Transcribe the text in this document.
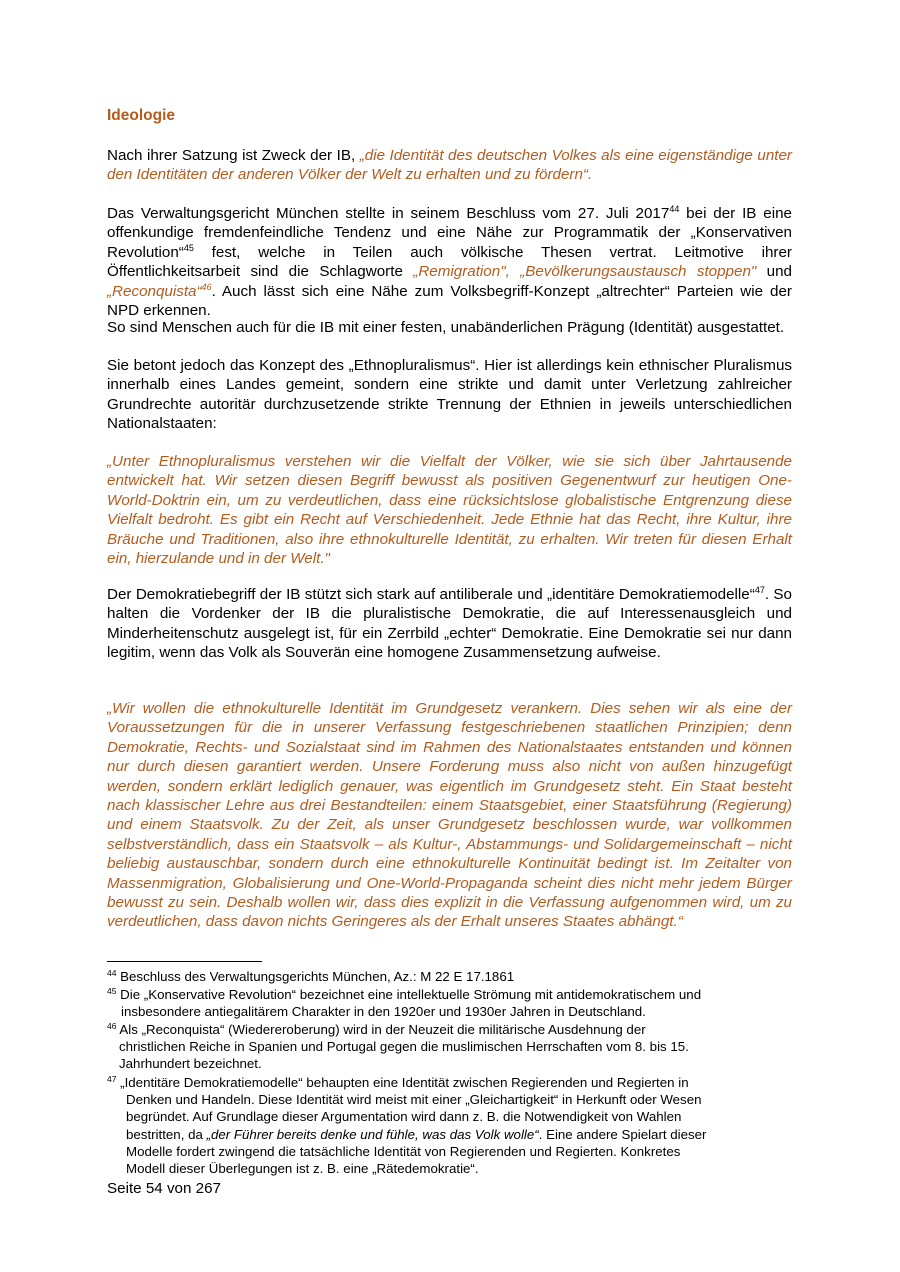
Ideologie

Nach ihrer Satzung ist Zweck der IB, „die Identität des deutschen Volkes als eine eigenständige unter den Identitäten der anderen Völker der Welt zu erhalten und zu fördern“.

Das Verwaltungsgericht München stellte in seinem Beschluss vom 27. Juli 2017$^{44}$ bei der IB eine offenkundige fremdenfeindliche Tendenz und eine Nähe zur Programmatik der „Konservativen Revolution“$^{45}$ fest, welche in Teilen auch völkische Thesen vertrat. Leitmotive ihrer Öffentlichkeitsarbeit sind die Schlagworte „Remigration", „Bevölkerungsaustausch stoppen" und „Reconquista“$^{46}$. Auch lässt sich eine Nähe zum Volksbegriff-Konzept „altrechter“ Parteien wie der NPD erkennen.

So sind Menschen auch für die IB mit einer festen, unabänderlichen Prägung (Identität) ausgestattet.

Sie betont jedoch das Konzept des „Ethnopluralismus“. Hier ist allerdings kein ethnischer Pluralismus innerhalb eines Landes gemeint, sondern eine strikte und damit unter Verletzung zahlreicher Grundrechte autoritär durchzusetzende strikte Trennung der Ethnien in jeweils unterschiedlichen Nationalstaaten:

„Unter Ethnopluralismus verstehen wir die Vielfalt der Völker, wie sie sich über Jahrtausende entwickelt hat. Wir setzen diesen Begriff bewusst als positiven Gegenentwurf zur heutigen One-World-Doktrin ein, um zu verdeutlichen, dass eine rücksichtslose globalistische Entgrenzung diese Vielfalt bedroht. Es gibt ein Recht auf Verschiedenheit. Jede Ethnie hat das Recht, ihre Kultur, ihre Bräuche und Traditionen, also ihre ethnokulturelle Identität, zu erhalten. Wir treten für diesen Erhalt ein, hierzulande und in der Welt."

Der Demokratiebegriff der IB stützt sich stark auf antiliberale und „identitäre Demokratiemodelle“$^{47}$. So halten die Vordenker der IB die pluralistische Demokratie, die auf Interessenausgleich und Minderheitenschutz ausgelegt ist, für ein Zerrbild „echter“ Demokratie. Eine Demokratie sei nur dann legitim, wenn das Volk als Souverän eine homogene Zusammensetzung aufweise.

„Wir wollen die ethnokulturelle Identität im Grundgesetz verankern. Dies sehen wir als eine der Voraussetzungen für die in unserer Verfassung festgeschriebenen staatlichen Prinzipien; denn Demokratie, Rechts- und Sozialstaat sind im Rahmen des Nationalstaates entstanden und können nur durch diesen garantiert werden. Unsere Forderung muss also nicht von außen hinzugefügt werden, sondern erklärt lediglich genauer, was eigentlich im Grundgesetz steht. Ein Staat besteht nach klassischer Lehre aus drei Bestandteilen: einem Staatsgebiet, einer Staatsführung (Regierung) und einem Staatsvolk. Zu der Zeit, als unser Grundgesetz beschlossen wurde, war vollkommen selbstverständlich, dass ein Staatsvolk – als Kultur-, Abstammungs- und Solidargemeinschaft – nicht beliebig austauschbar, sondern durch eine ethnokulturelle Kontinuität bedingt ist. Im Zeitalter von Massenmigration, Globalisierung und One-World-Propaganda scheint dies nicht mehr jedem Bürger bewusst zu sein. Deshalb wollen wir, dass dies explizit in die Verfassung aufgenommen wird, um zu verdeutlichen, dass davon nichts Geringeres als der Erhalt unseres Staates abhängt.“

$^{44}$ Beschluss des Verwaltungsgerichts München, Az.: M 22 E 17.1861

$^{45}$ Die „Konservative Revolution“ bezeichnet eine intellektuelle Strömung mit antidemokratischem und
insbesondere antiegalitärem Charakter in den 1920er und 1930er Jahren in Deutschland.

$^{46}$ Als „Reconquista“ (Wiedereroberung) wird in der Neuzeit die militärische Ausdehnung der
christlichen Reiche in Spanien und Portugal gegen die muslimischen Herrschaften vom 8. bis 15.
Jahrhundert bezeichnet.

$^{47}$ „Identitäre Demokratiemodelle“ behaupten eine Identität zwischen Regierenden und Regierten in
Denken und Handeln. Diese Identität wird meist mit einer „Gleichartigkeit“ in Herkunft oder Wesen
begründet. Auf Grundlage dieser Argumentation wird dann z. B. die Notwendigkeit von Wahlen
bestritten, da „der Führer bereits denke und fühle, was das Volk wolle“. Eine andere Spielart dieser
Modelle fordert zwingend die tatsächliche Identität von Regierenden und Regierten. Konkretes
Modell dieser Überlegungen ist z. B. eine „Rätedemokratie“.

Seite 54 von 267
